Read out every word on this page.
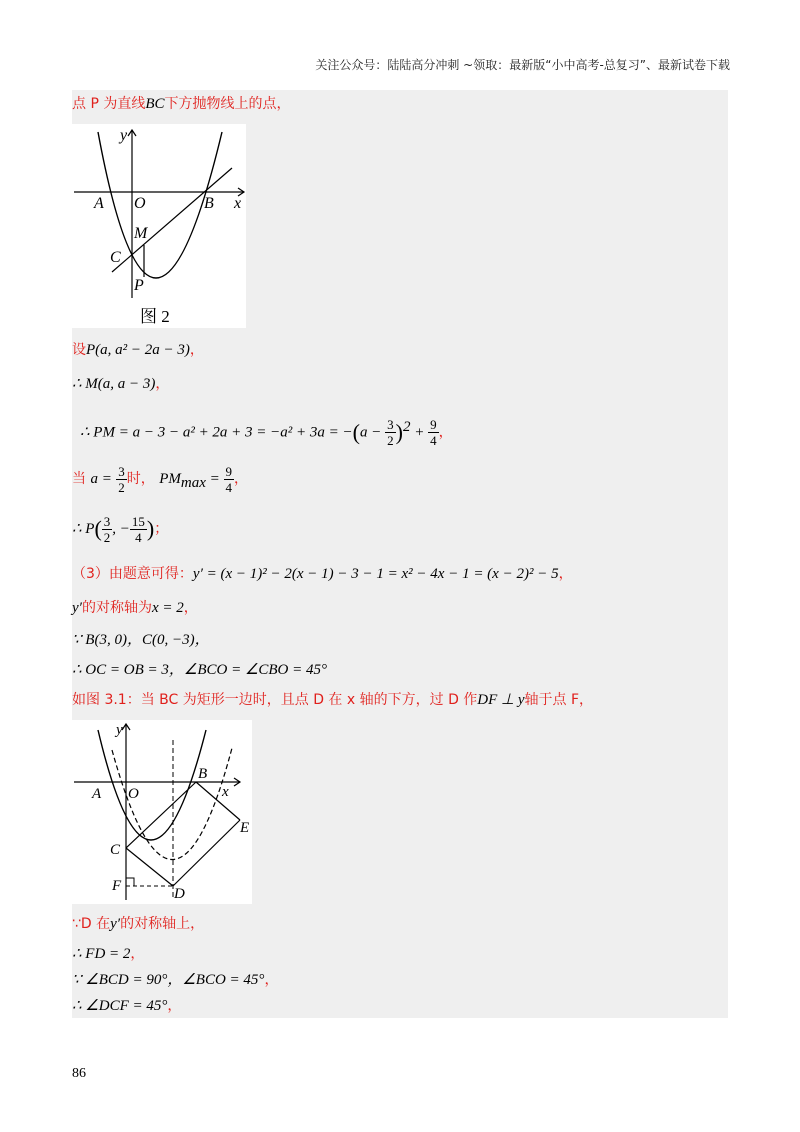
关注公众号：陆陆高分冲刺 ~领取：最新版“小中高考-总复习”、最新试卷下载
点 P 为直线BC下方抛物线上的点，
y
x
A O	B
M
C
P
图 2
设P(a, a² − 2a − 3)，
∴ M(a, a − 3)，
∴ PM = $a - 3 - a^2 + 2a + 3 = -a^2 + 3a = -(a - \frac{3}{2} )^2 + \frac{9}{4}$ ，
当 $a = \frac{3}{2}$ 时， $PM_{max} = \frac{9}{4}$ ，
∴ $P( \frac{3}{2}$ , − $\frac{15}{4}$ )；
（3）由题意可得：y′ = (x − 1)² − 2(x − 1) − 3 − 1 = x² − 4x − 1 = (x − 2)² − 5，
y′的对称轴为x = 2，
∵ B(3, 0)，C(0, −3)，
∴ OC = OB = 3，∠BCO = ∠CBO = 45°
如图 3.1：当 BC 为矩形一边时，且点 D 在 x 轴的下方，过 D 作DF ⊥ y轴于点 F，
y
x
A O
B
E
C
F	D
∵D 在y′的对称轴上，
∴ FD = 2，
∵ ∠BCD = 90°，∠BCO = 45°，
∴ ∠DCF = 45°，
86
